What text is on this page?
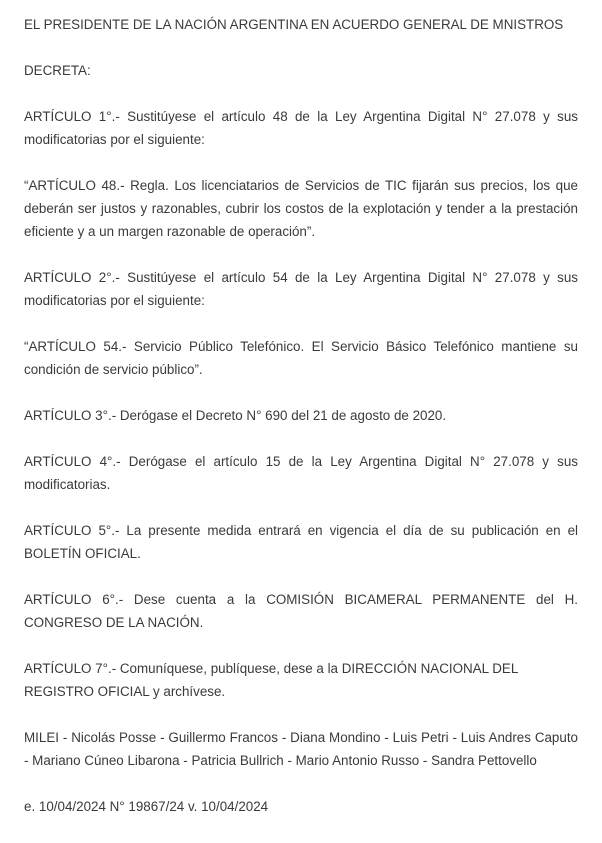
EL PRESIDENTE DE LA NACIÓN ARGENTINA EN ACUERDO GENERAL DE MNISTROS

DECRETA:

ARTÍCULO 1°.- Sustitúyese el artículo 48 de la Ley Argentina Digital N° 27.078 y sus modificatorias por el siguiente:

“ARTÍCULO 48.- Regla. Los licenciatarios de Servicios de TIC fijarán sus precios, los que deberán ser justos y razonables, cubrir los costos de la explotación y tender a la prestación eficiente y a un margen razonable de operación”.

ARTÍCULO 2°.- Sustitúyese el artículo 54 de la Ley Argentina Digital N° 27.078 y sus modificatorias por el siguiente:

“ARTÍCULO 54.- Servicio Público Telefónico. El Servicio Básico Telefónico mantiene su condición de servicio público”.

ARTÍCULO 3°.- Derógase el Decreto N° 690 del 21 de agosto de 2020.

ARTÍCULO 4°.- Derógase el artículo 15 de la Ley Argentina Digital N° 27.078 y sus modificatorias.

ARTÍCULO 5°.- La presente medida entrará en vigencia el día de su publicación en el BOLETÍN OFICIAL.

ARTÍCULO 6°.- Dese cuenta a la COMISIÓN BICAMERAL PERMANENTE del H. CONGRESO DE LA NACIÓN.

ARTÍCULO 7°.- Comuníquese, publíquese, dese a la DIRECCIÓN NACIONAL DEL REGISTRO OFICIAL y archívese.

MILEI - Nicolás Posse - Guillermo Francos - Diana Mondino - Luis Petri - Luis Andres Caputo - Mariano Cúneo Libarona - Patricia Bullrich - Mario Antonio Russo - Sandra Pettovello

e. 10/04/2024 N° 19867/24 v. 10/04/2024
